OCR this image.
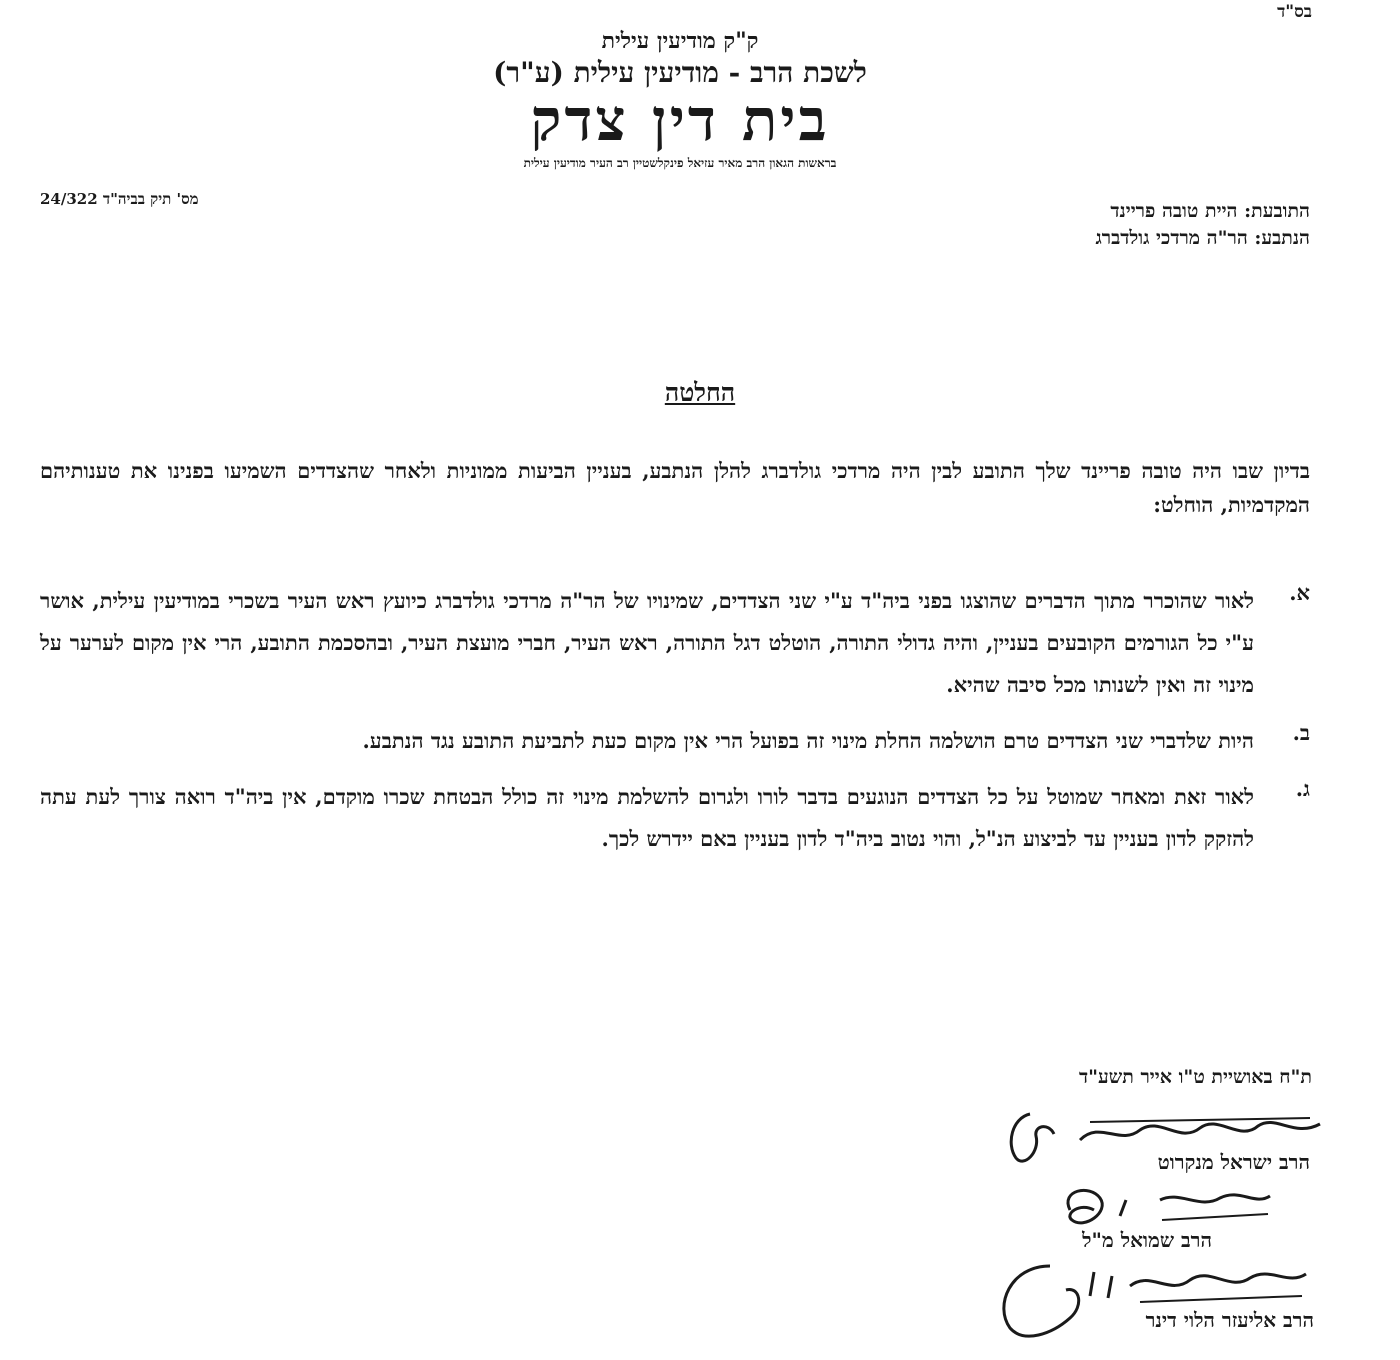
בס"ד
ק"ק מודיעין עילית
לשכת הרב - מודיעין עילית (ע"ר)
בית דין צדק
בראשות הגאון הרב מאיר עזיאל פינקלשטיין רב העיר מודיעין עילית
מס' תיק בביה"ד 24/322
התובעת: היית טובה פריינד
הנתבע: הר"ה מרדכי גולדברג
החלטה
בדיון שבו היה טובה פריינד שלך התובע לבין היה מרדכי גולדברג להלן הנתבע, בעניין הביעות ממוניות ולאחר שהצדדים השמיעו בפנינו את טענותיהם המקדמיות, הוחלט:
א.
לאור שהוכרר מתוך הדברים שהוצגו בפני ביה"ד ע"י שני הצדדים, שמינויו של הר"ה מרדכי גולדברג כיועץ ראש העיר בשכרי במודיעין עילית, אושר ע"י כל הגורמים הקובעים בעניין, והיה גדולי התורה, הוטלט דגל התורה, ראש העיר, חברי מועצת העיר, ובהסכמת התובע, הרי אין מקום לערער על מינוי זה ואין לשנותו מכל סיבה שהיא.
ב.
היות שלדברי שני הצדדים טרם הושלמה החלת מינוי זה בפועל הרי אין מקום כעת לתביעת התובע נגד הנתבע.
ג.
לאור זאת ומאחר שמוטל על כל הצדדים הנוגעים בדבר לורו ולגרום להשלמת מינוי זה כולל הבטחת שכרו מוקדם, אין ביה"ד רואה צורך לעת עתה להזקק לדון בעניין עד לביצוע הנ"ל, והוי נטוב ביה"ד לדון בעניין באם יידרש לכך.
ת"ח באושיית ט"ו אייר תשע"ד
הרב ישראל מנקרוט
הרב שמואל מ"ל
הרב אליעזר הלוי דינר
